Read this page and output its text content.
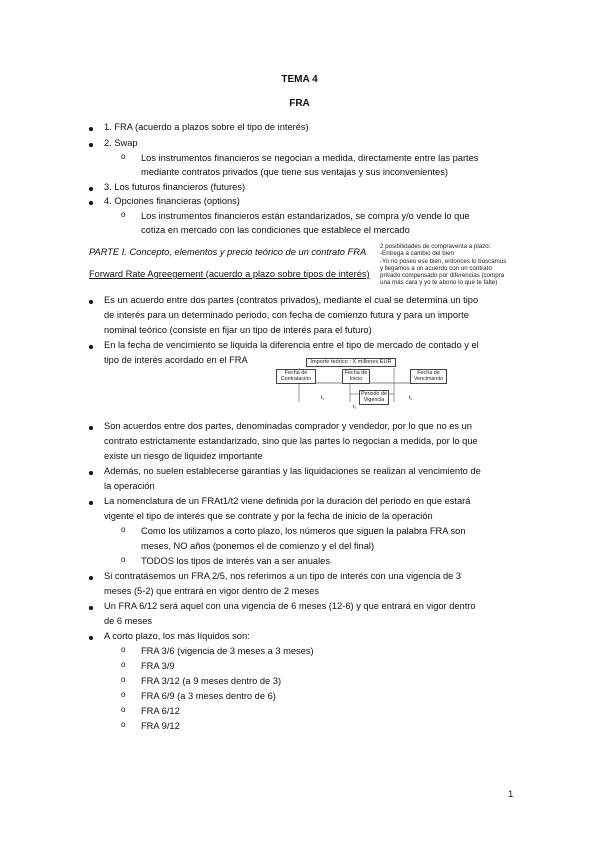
TEMA 4
FRA
1. FRA (acuerdo a plazos sobre el tipo de interés)
2. Swap
o Los instrumentos financieros se negocian a medida, directamente entre las partes
mediante contratos privados (que tiene sus ventajas y sus inconvenientes)
3. Los futuros financieros (futures)
4. Opciones financieras (options)
o Los instrumentos financieros están estandarizados, se compra y/o vende lo que
cotiza en mercado con las condiciones que establece el mercado
PARTE I. Concepto, elementos y precio teórico de un contrato FRA
2 posibilidades de compraventa a plazo:
-Entrega a cambio del bien
-Yo no poseo ese bien, entonces lo buscamos
y llegamos a un acuerdo con un contrato
privado compensado por diferencias (compra
una más cara y yo te abono lo que te falte)
Forward Rate Agreegement (acuerdo a plazo sobre tipos de interés)
Es un acuerdo entre dos partes (contratos privados), mediante el cual se determina un tipo
de interés para un determinado periodo, con fecha de comienzo futura y para un importe
nominal teórico (consiste en fijar un tipo de interés para el futuro)
En la fecha de vencimiento se liquida la diferencia entre el tipo de mercado de contado y el
tipo de interés acordado en el FRA	Importe teórico : X millones EUR
Fecha de Contratación
Fecha de Inicio
Fecha de Vencimiento
Periodo de Vigencia
t₀
t₁
t₂
Son acuerdos entre dos partes, denominadas comprador y vendedor, por lo que no es un
contrato estrictamente estandarizado, sino que las partes lo negocian a medida, por lo que
existe un riesgo de liquidez importante
Además, no suelen establecerse garantías y las liquidaciones se realizan al vencimiento de
la operación
La nomenclatura de un FRAt1/t2 viene definida por la duración del periodo en que estará
vigente el tipo de interés que se contrate y por la fecha de inicio de la operación
o Como los utilizamos a corto plazo, los números que siguen la palabra FRA son
meses, NO años (ponemos el de comienzo y el del final)
o TODOS los tipos de interés van a ser anuales
Si contratásemos un FRA 2/5, nos referimos a un tipo de interés con una vigencia de 3
meses (5-2) que entrará en vigor dentro de 2 meses
Un FRA 6/12 será aquel con una vigencia de 6 meses (12-6) y que entrará en vigor dentro
de 6 meses
A corto plazo, los más líquidos son:
o FRA 3/6 (vigencia de 3 meses a 3 meses)
o FRA 3/9
o FRA 3/12 (a 9 meses dentro de 3)
o FRA 6/9 (a 3 meses dentro de 6)
o FRA 6/12
o FRA 9/12
1
